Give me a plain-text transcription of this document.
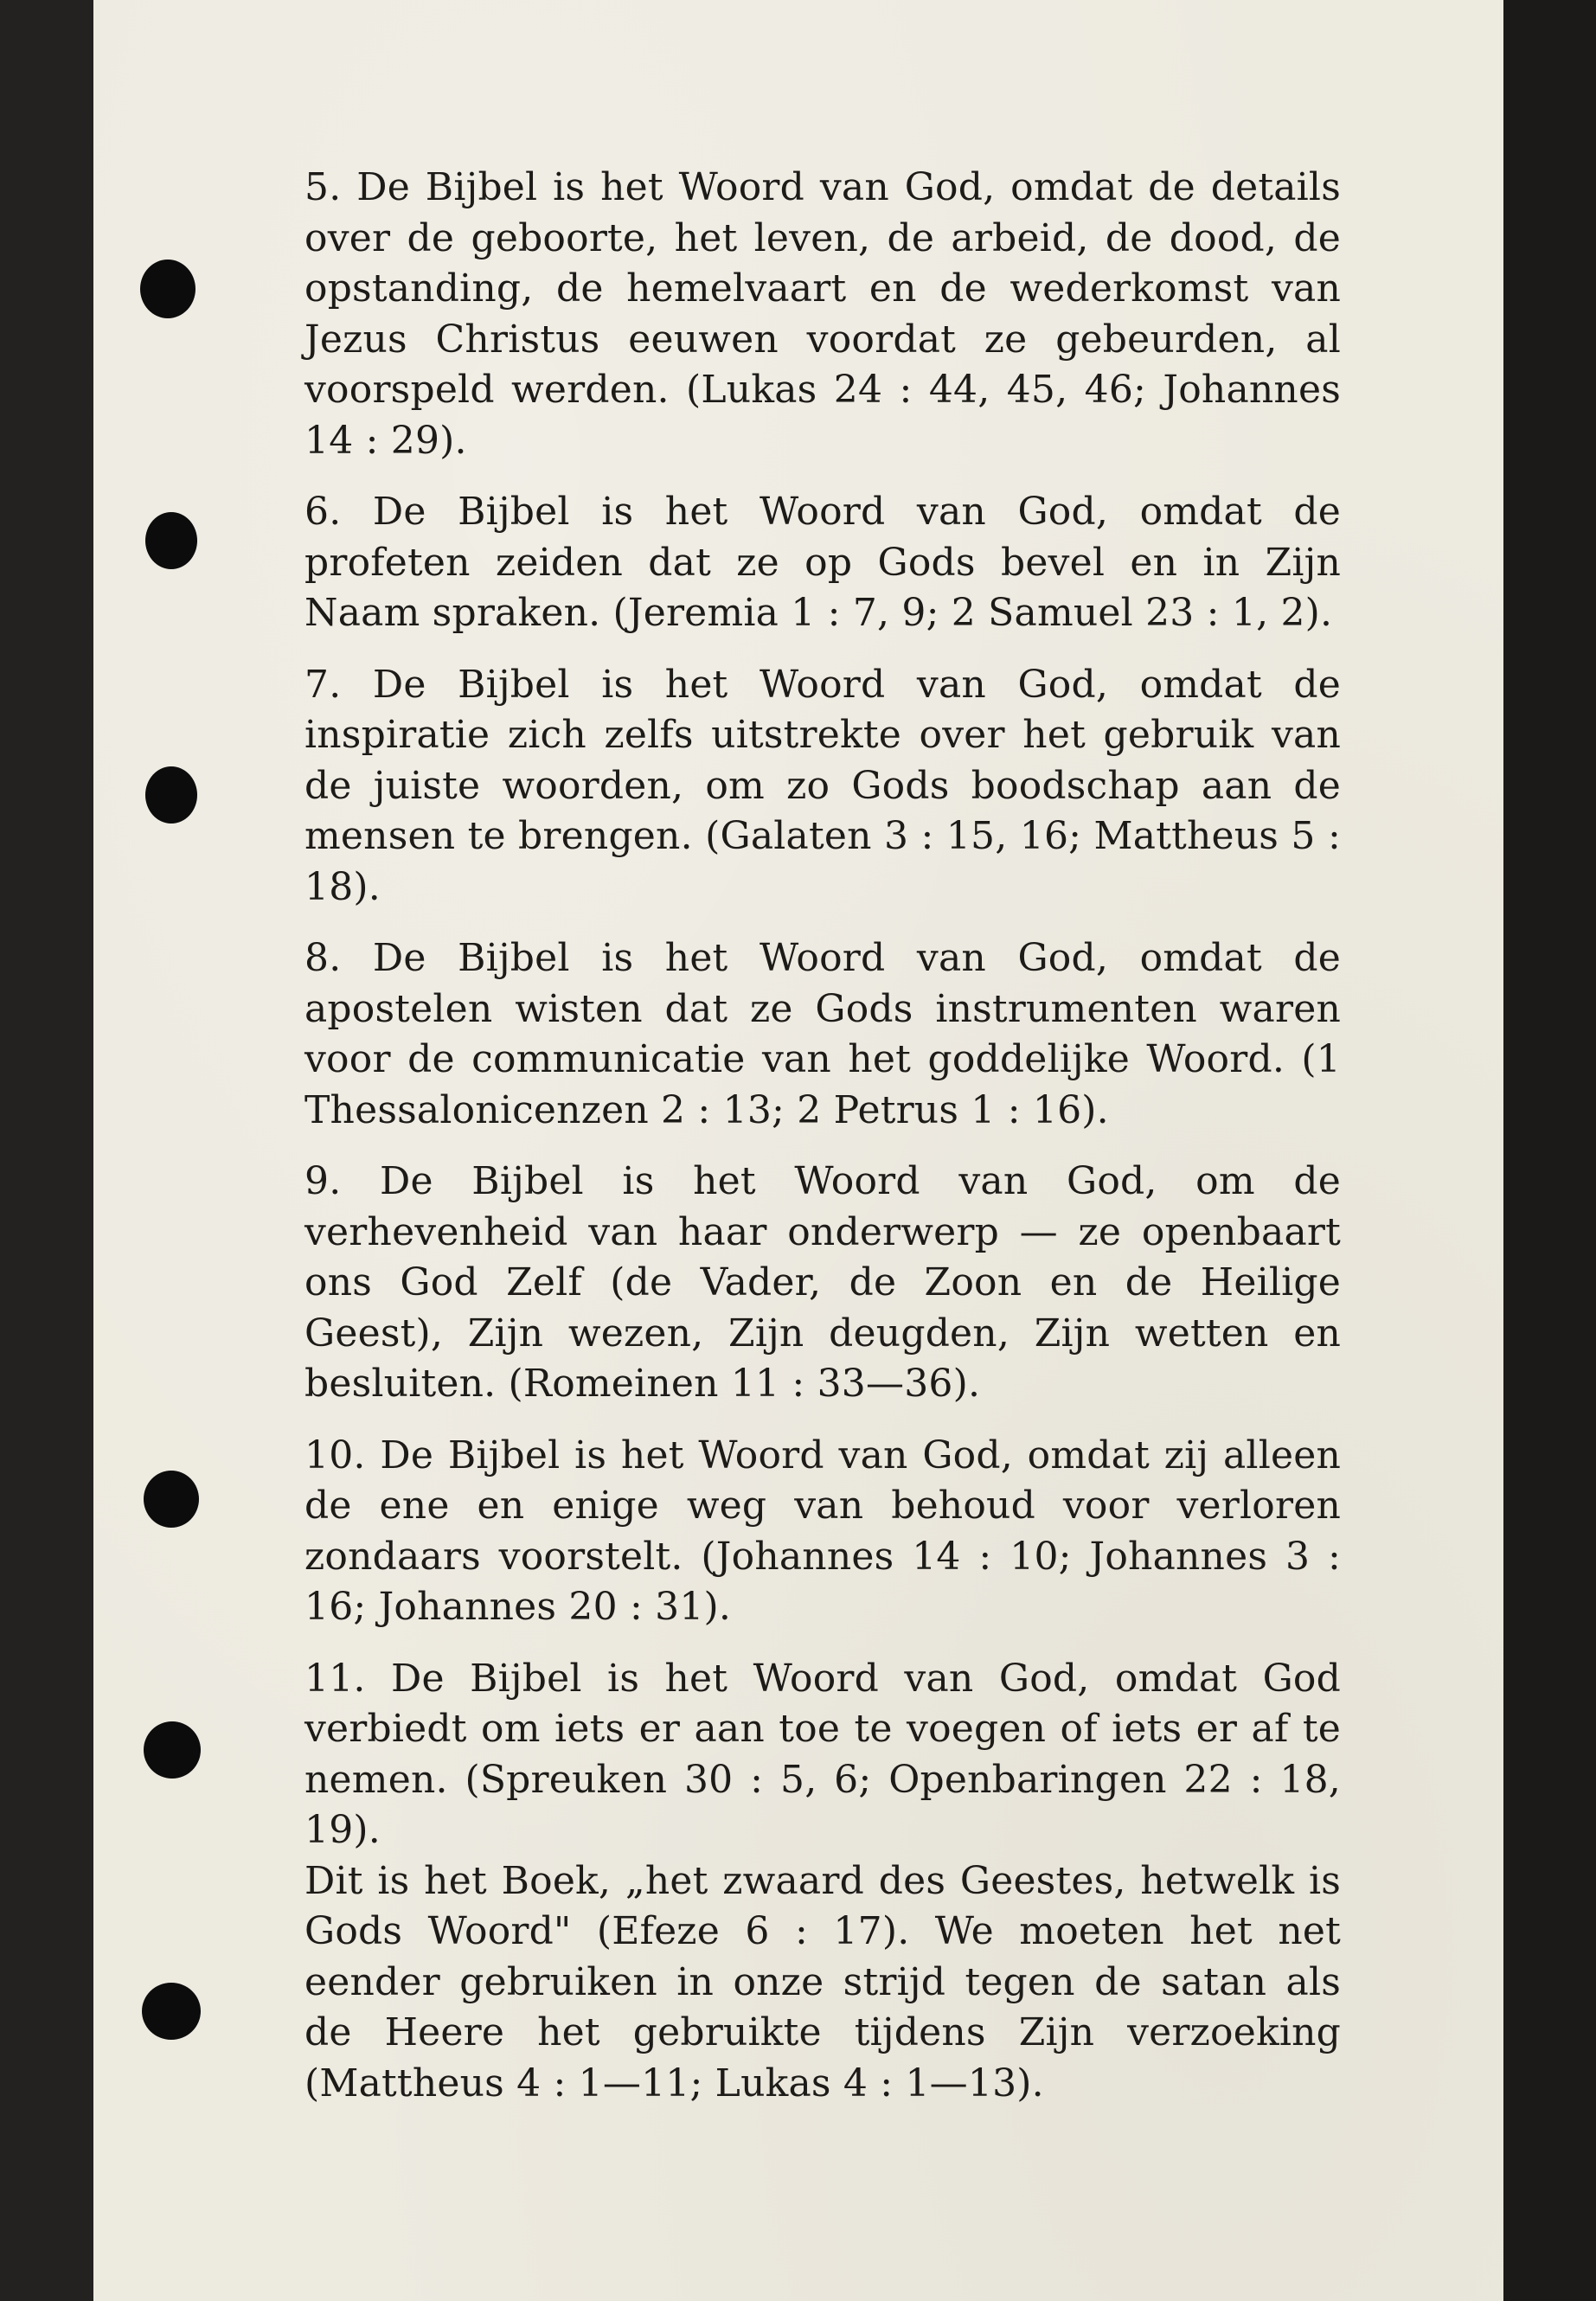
5. De Bijbel is het Woord van God, omdat de details over de geboorte, het leven, de arbeid, de dood, de opstanding, de hemelvaart en de wederkomst van Jezus Christus eeuwen voordat ze gebeurden, al voorspeld werden. (Lukas 24 : 44, 45, 46; Johannes 14 : 29).

6. De Bijbel is het Woord van God, omdat de profeten zeiden dat ze op Gods bevel en in Zijn Naam spraken. (Jeremia 1 : 7, 9; 2 Samuel 23 : 1, 2).

7. De Bijbel is het Woord van God, omdat de inspiratie zich zelfs uitstrekte over het gebruik van de juiste woorden, om zo Gods boodschap aan de mensen te brengen. (Galaten 3 : 15, 16; Mattheus 5 : 18).

8. De Bijbel is het Woord van God, omdat de apostelen wisten dat ze Gods instrumenten waren voor de communicatie van het goddelijke Woord. (1 Thessalonicenzen 2 : 13; 2 Petrus 1 : 16).

9. De Bijbel is het Woord van God, om de verhevenheid van haar onderwerp — ze openbaart ons God Zelf (de Vader, de Zoon en de Heilige Geest), Zijn wezen, Zijn deugden, Zijn wetten en besluiten. (Romeinen 11 : 33—36).

10. De Bijbel is het Woord van God, omdat zij alleen de ene en enige weg van behoud voor verloren zondaars voorstelt. (Johannes 14 : 10; Johannes 3 : 16; Johannes 20 : 31).

11. De Bijbel is het Woord van God, omdat God verbiedt om iets er aan toe te voegen of iets er af te nemen. (Spreuken 30 : 5, 6; Openbaringen 22 : 18, 19).

Dit is het Boek, „het zwaard des Geestes, hetwelk is Gods Woord" (Efeze 6 : 17). We moeten het net eender gebruiken in onze strijd tegen de satan als de Heere het gebruikte tijdens Zijn verzoeking (Mattheus 4 : 1—11; Lukas 4 : 1—13).
